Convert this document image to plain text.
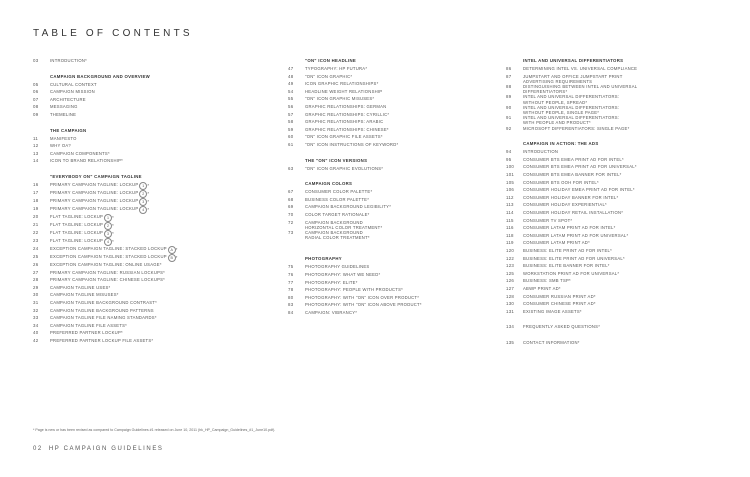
TABLE OF CONTENTS
03	INTRODUCTION*
CAMPAIGN BACKGROUND AND OVERVIEW
05	CULTURAL CONTEXT
06	CAMPAIGN MISSION
07	ARCHITECTURE
08	MESSAGING
09	THEMELINE
THE CAMPAIGN
11	MANIFESTO
12	WHY OA?
13	CAMPAIGN COMPONENTS*
14	ICON TO BRAND RELATIONSHIP*
"EVERYBODY ON" CAMPAIGN TAGLINE
16	PRIMARY CAMPAIGN TAGLINE: LOCKUP 1 *
17	PRIMARY CAMPAIGN TAGLINE: LOCKUP 2 *
18	PRIMARY CAMPAIGN TAGLINE: LOCKUP 3 *
19	PRIMARY CAMPAIGN TAGLINE: LOCKUP 4 *
20	FLAT TAGLINE: LOCKUP 1 *
21	FLAT TAGLINE: LOCKUP 2 *
22	FLAT TAGLINE: LOCKUP 3 *
23	FLAT TAGLINE: LOCKUP 4 *
24	EXCEPTION CAMPAIGN TAGLINE: STACKED LOCKUP A *
25	EXCEPTION CAMPAIGN TAGLINE: STACKED LOCKUP B *
26	EXCEPTION CAMPAIGN TAGLINE: ONLINE USAGE*
27	PRIMARY CAMPAIGN TAGLINE: RUSSIAN LOCKUPS*
28	PRIMARY CAMPAIGN TAGLINE: CHINESE LOCKUPS*
29	CAMPAIGN TAGLINE USES*
30	CAMPAIGN TAGLINE MISUSES*
31	CAMPAIGN TAGLINE BACKGROUND CONTRAST*
32	CAMPAIGN TAGLINE BACKGROUND PATTERNS
33	CAMPAIGN TAGLINE FILE NAMING STANDARDS*
34	CAMPAIGN TAGLINE FILE ASSETS*
40	PREFERRED PARTNER LOCKUP*
42	PREFERRED PARTNER LOCKUP FILE ASSETS*
"ON" ICON HEADLINE
47	TYPOGRAPHY: HP FUTURA*
48	"ON" ICON GRAPHIC*
49	ICON GRAPHIC RELATIONSHIPS*
54	HEADLINE WEIGHT RELATIONSHIP
55	"ON" ICON GRAPHIC MISUSES*
56	GRAPHIC RELATIONSHIPS: GERMAN
57	GRAPHIC RELATIONSHIPS: CYRILLIC*
58	GRAPHIC RELATIONSHIPS: ARABIC
59	GRAPHIC RELATIONSHIPS: CHINESE*
60	"ON" ICON GRAPHIC FILE ASSETS*
61	"ON" ICON INSTRUCTIONS OF KEYWORD*
THE "ON" ICON VERSIONS
63	"ON" ICON GRAPHIC EVOLUTIONS*
CAMPAIGN COLORS
67	CONSUMER COLOR PALETTE*
68	BUSINESS COLOR PALETTE*
69	CAMPAIGN BACKGROUND LEGIBILITY*
70	COLOR TARGET RATIONALE*
72	CAMPAIGN BACKGROUND
HORIZONTAL COLOR TREATMENT*
73	CAMPAIGN BACKGROUND
RADIAL COLOR TREATMENT*
PHOTOGRAPHY
75	PHOTOGRAPHY GUIDELINES
76	PHOTOGRAPHY: WHAT WE NEED*
77	PHOTOGRAPHY: ELITE*
78	PHOTOGRAPHY: PEOPLE WITH PRODUCTS*
80	PHOTOGRAPHY: WITH "ON" ICON OVER PRODUCT*
83	PHOTOGRAPHY: WITH "ON" ICON ABOVE PRODUCT*
84	CAMPAIGN: VIBRANCY*
INTEL AND UNIVERSAL DIFFERENTIATORS
86	DETERMINING INTEL VS. UNIVERSAL COMPLIANCE
87	JUMPSTART AND OFFICE JUMPSTART PRINT
ADVERTISING REQUIREMENTS
88	DISTINGUISHING BETWEEN INTEL AND UNIVERSAL
DIFFERENTIATORS*
89	INTEL AND UNIVERSAL DIFFERENTIATORS:
WITHOUT PEOPLE, SPREAD*
90	INTEL AND UNIVERSAL DIFFERENTIATORS:
WITHOUT PEOPLE, SINGLE PAGE*
91	INTEL AND UNIVERSAL DIFFERENTIATORS:
WITH PEOPLE AND PRODUCT*
92	MICROSOFT DIFFERENTIATORS: SINGLE PAGE*
CAMPAIGN IN ACTION: THE ADS
94	INTRODUCTION
95	CONSUMER BTS EMEA PRINT AD FOR INTEL*
100 CONSUMER BTS EMEA PRINT AD FOR UNIVERSAL*
101 CONSUMER BTS EMEA BANNER FOR INTEL*
105 CONSUMER BTS OOH FOR INTEL*
106 CONSUMER HOLIDAY EMEA PRINT AD FOR INTEL*
112 CONSUMER HOLIDAY BANNER FOR INTEL*
113 CONSUMER HOLIDAY EXPERIENTIAL*
114 CONSUMER HOLIDAY RETAIL INSTALLATION*
115 CONSUMER TV SPOT*
116 CONSUMER LATAM PRINT AD FOR INTEL*
118 CONSUMER LATAM PRINT AD FOR UNIVERSAL*
119 CONSUMER LATAM PRINT AD*
120 BUSINESS: ELITE PRINT AD FOR INTEL*
122 BUSINESS: ELITE PRINT AD FOR UNIVERSAL*
123 BUSINESS: ELITE BANNER FOR INTEL*
125 WORKSTATION PRINT AD FOR UNIVERSAL*
126 BUSINESS: SMB TSP*
127 ABWP PRINT AD*
128 CONSUMER RUSSIAN PRINT AD*
130 CONSUMER CHINESE PRINT AD*
131 EXISTING IMAGE ASSETS*
134 FREQUENTLY ASKED QUESTIONS*
135 CONTACT INFORMATION*
* Page is new or has been revised as compared to Campaign Guidelines #1 released on June 10, 2011 (hk_HP_Campaign_Guidelines_#1_June10.pdf).
02 HP CAMPAIGN GUIDELINES
